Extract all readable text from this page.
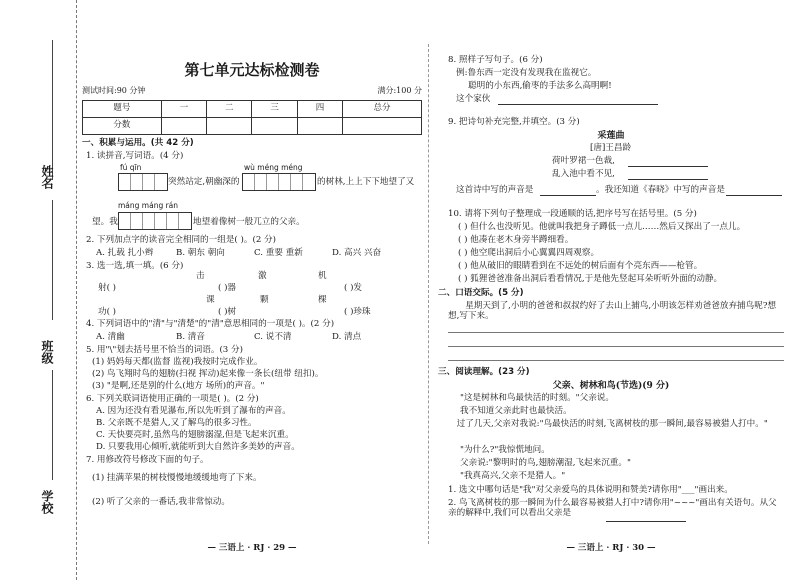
姓名
班级
学校
第七单元达标检测卷
测试时间:90 分钟	满分:100 分
题号	一	二	三	四	总分
分数					
一、积累与运用。(共 42 分)
1. 读拼音,写词语。(4 分)
fú qīn
突然站定,朝幽深的
wù méng méng
的树林,上上下下地望了又
máng máng rán
望。我	地望着像树一般兀立的父亲。
2. 下列加点字的读音完全相同的一组是( )。(2 分)
A. 扎载 扎小辫	B. 朝东 朝向	C. 重要 重新	D. 高兴 兴奋
3. 选一选,填一填。(6 分)
击	激	机
射( )	( )器	( )发
课	颗	棵
功( )	( )树	( )珍珠
4. 下列词语中的"清"与"清楚"的"清"意思相同的一项是( )。(2 分)
A. 清幽	B. 清音	C. 说不清	D. 清点
5. 用"\"划去括号里不恰当的词语。(3 分)
(1) 妈妈每天都(监督 监视)我按时完成作业。
(2) 鸟飞翔时鸟的翅膀(扫视 挥动)起来像一条长(纽带 纽扣)。
(3) "是啊,还是别的什么(地方 场所)的声音。"
6. 下列关联词语使用正确的一项是( )。(2 分)
A. 因为还没有看见瀑布,所以先听到了瀑布的声音。
B. 父亲既不是猎人,又了解鸟的很多习性。
C. 天快要亮时,虽然鸟的翅膀溺湿,但是飞起来沉重。
D. 只要我用心倾听,就能听到大自然许多美妙的声音。
7. 用修改符号修改下面的句子。
(1) 挂满苹果的树枝慢慢地缓缓地弯了下来。
(2) 听了父亲的一番话,我非常惊动。
— 三语上 · RJ · 29 —
8. 照样子写句子。(6 分)
例:鲁东西一定没有发现我在监视它。
聪明的小东西,偷枣的手法多么高明啊!
这个家伙
9. 把诗句补充完整,并填空。(3 分)
采莲曲
[唐]王昌龄
荷叶罗裙一色裁,
乱入池中看不见,
这首诗中写的声音是	。我还知道《春晓》中写的声音是
10. 请将下列句子整理成一段通顺的话,把序号写在括号里。(5 分)
( ) 但什么也没听见。他就叫我把身子蹲低一点儿……然后又探出了一点儿。
( ) 他凑在老木身旁半蹲细看。
( ) 他空爬出洞后小心翼翼四周观察。
( ) 他从破旧的眼睛看到在不远处的树后面有个亮东西——枪管。
( ) 狐狸爸爸准备出洞后看看情况,于是他先竖起耳朵听听外面的动静。
二、口语交际。(5 分)
星期天到了,小明的爸爸和叔叔约好了去山上捕鸟,小明该怎样劝爸爸放弃捕鸟呢?想想,写下来。
三、阅读理解。(23 分)
父亲、树林和鸟(节选)(9 分)
"这是树林和鸟最快活的时刻。"父亲说。
我不知道父亲此时也最快活。
过了几天,父亲对我说:"鸟最快活的时刻,飞离树枝的那一瞬间,最容易被猎人打中。"
"为什么?"我惊慌地问。
父亲说:"黎明时的鸟,翅膀潮湿,飞起来沉重。"
"我真高兴,父亲不是猎人。"
1. 选文中哪句话是"我"对父亲爱鸟的具体说明和赞美?请你用"___"画出来。
2. 鸟飞离树枝的那一瞬间为什么最容易被猎人打中?请你用"~~~"画出有关语句。从父亲的解释中,我们可以看出父亲是
— 三语上 · RJ · 30 —
